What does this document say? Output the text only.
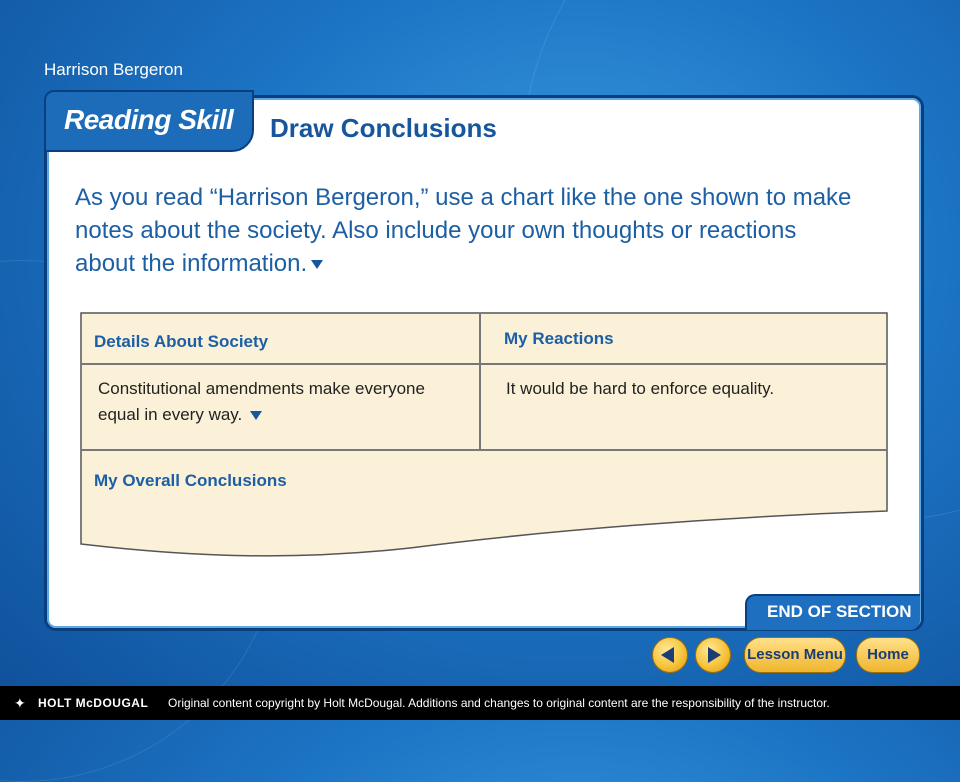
Harrison Bergeron
Reading Skill Draw Conclusions
As you read “Harrison Bergeron,” use a chart like the one shown to make notes about the society. Also include your own thoughts or reactions about the information.
Details About Society	My Reactions
Constitutional amendments make everyone equal in every way.
It would be hard to enforce equality.
My Overall Conclusions
END OF SECTION
Lesson Menu	Home
✦ HOLT McDOUGAL Original content copyright by Holt McDougal. Additions and changes to original content are the responsibility of the instructor.
